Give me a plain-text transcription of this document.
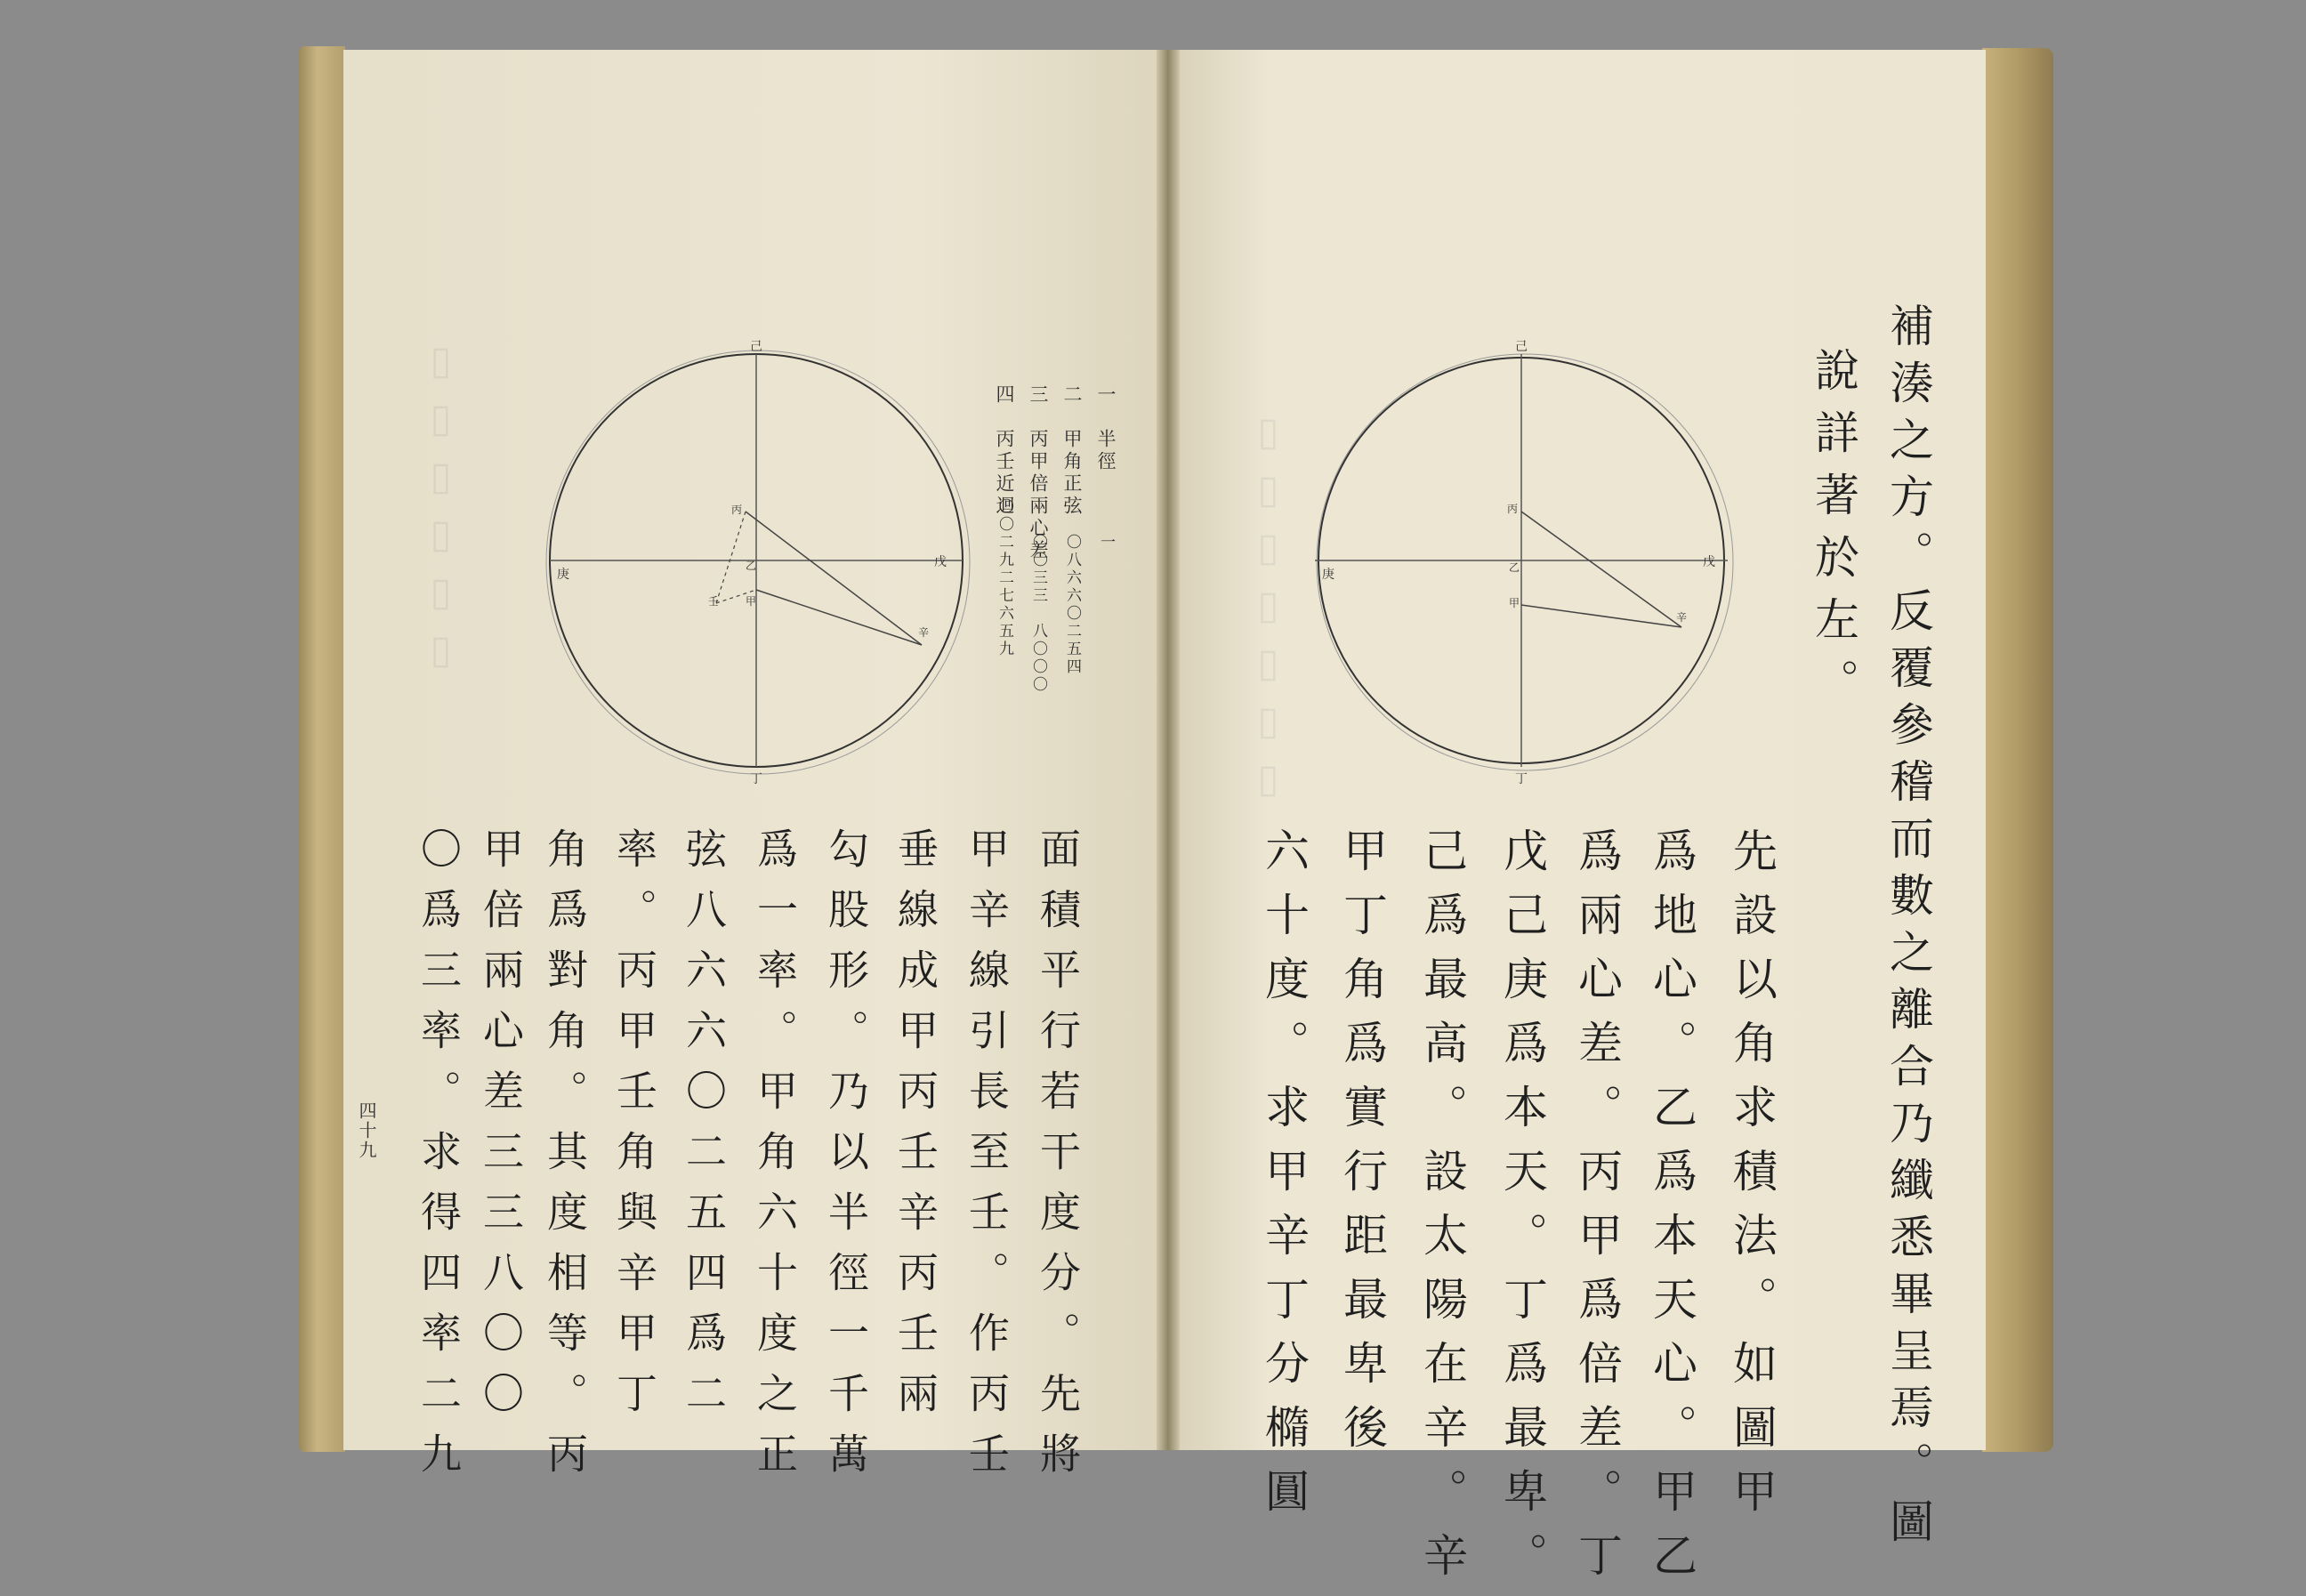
▯▯▯▯▯▯	▯▯▯▯▯▯▯
己
丁
庚
戊
丙
乙
甲
壬
辛
一　半徑
二　甲角正弦
三　丙甲倍兩心差
四　丙壬近迴
一
〇八六六〇二五四
〇〇三三　八〇〇〇
〇〇二九二七六五九
面積平行若干度分。先將
甲辛線引長至壬。作丙壬
垂線成甲丙壬辛丙壬兩
勾股形。乃以半徑一千萬
爲一率。甲角六十度之正
弦八六六〇二五四爲二
率。丙甲壬角與辛甲丁
角爲對角。其度相等。丙
甲倍兩心差三三八〇〇
四十九
己
丁
庚
戊
丙
乙
甲
辛	補湊之方。反覆參稽而數之離合乃纖悉畢呈焉。圖
說詳著於左。
先設以角求積法。如圖甲
爲地心。乙爲本天心。甲乙
爲兩心差。丙甲爲倍差。丁
戊己庚爲本天。丁爲最卑。
己爲最高。設太陽在辛。辛
甲丁角爲實行距最卑後
六十度。求甲辛丁分橢圓
〇爲三率。求得四率二九
